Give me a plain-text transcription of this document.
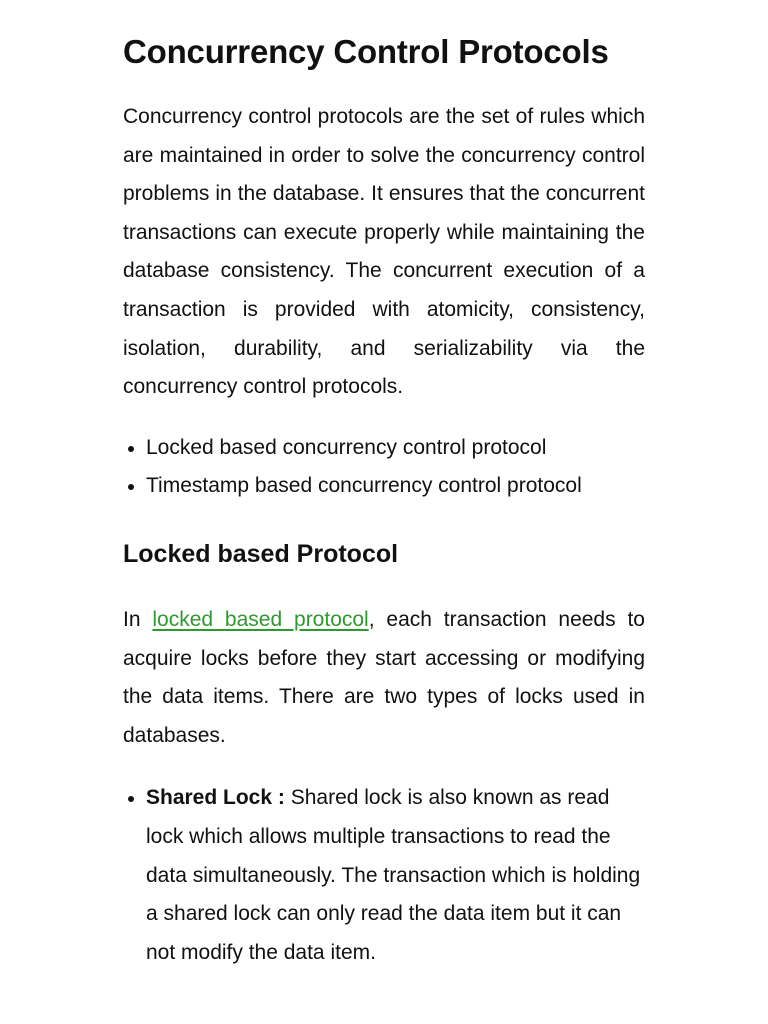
Concurrency Control Protocols

Concurrency control protocols are the set of rules which are maintained in order to solve the concurrency control problems in the database. It ensures that the concurrent transactions can execute properly while maintaining the database consistency. The concurrent execution of a transaction is provided with atomicity, consistency, isolation, durability, and serializability via the concurrency control protocols.

Locked based concurrency control protocol
Timestamp based concurrency control protocol
Locked based Protocol

In locked based protocol, each transaction needs to acquire locks before they start accessing or modifying the data items. There are two types of locks used in databases.

Shared Lock : Shared lock is also known as read lock which allows multiple transactions to read the data simultaneously. The transaction which is holding a shared lock can only read the data item but it can not modify the data item.
